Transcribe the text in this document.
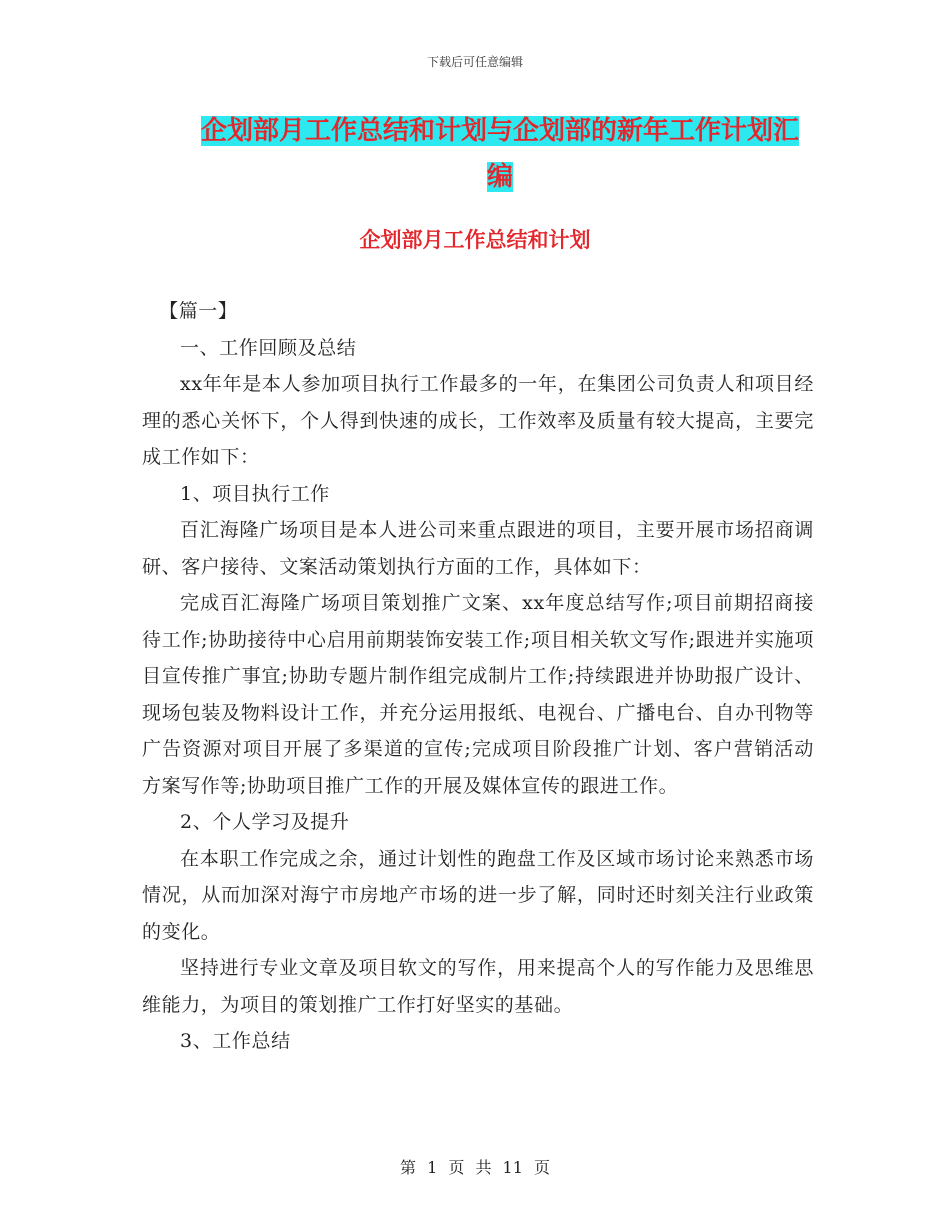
下载后可任意编辑
企划部月工作总结和计划与企划部的新年工作计划汇编
企划部月工作总结和计划

【篇一】

一、工作回顾及总结

xx年年是本人参加项目执行工作最多的一年，在集团公司负责人和项目经理的悉心关怀下，个人得到快速的成长，工作效率及质量有较大提高，主要完成工作如下：

1、项目执行工作

百汇海隆广场项目是本人进公司来重点跟进的项目，主要开展市场招商调研、客户接待、文案活动策划执行方面的工作，具体如下：

完成百汇海隆广场项目策划推广文案、xx年度总结写作;项目前期招商接待工作;协助接待中心启用前期装饰安装工作;项目相关软文写作;跟进并实施项目宣传推广事宜;协助专题片制作组完成制片工作;持续跟进并协助报广设计、现场包装及物料设计工作，并充分运用报纸、电视台、广播电台、自办刊物等广告资源对项目开展了多渠道的宣传;完成项目阶段推广计划、客户营销活动方案写作等;协助项目推广工作的开展及媒体宣传的跟进工作。

2、个人学习及提升

在本职工作完成之余，通过计划性的跑盘工作及区域市场讨论来熟悉市场情况，从而加深对海宁市房地产市场的进一步了解，同时还时刻关注行业政策的变化。

坚持进行专业文章及项目软文的写作，用来提高个人的写作能力及思维思维能力，为项目的策划推广工作打好坚实的基础。

3、工作总结

第 1 页 共 11 页
